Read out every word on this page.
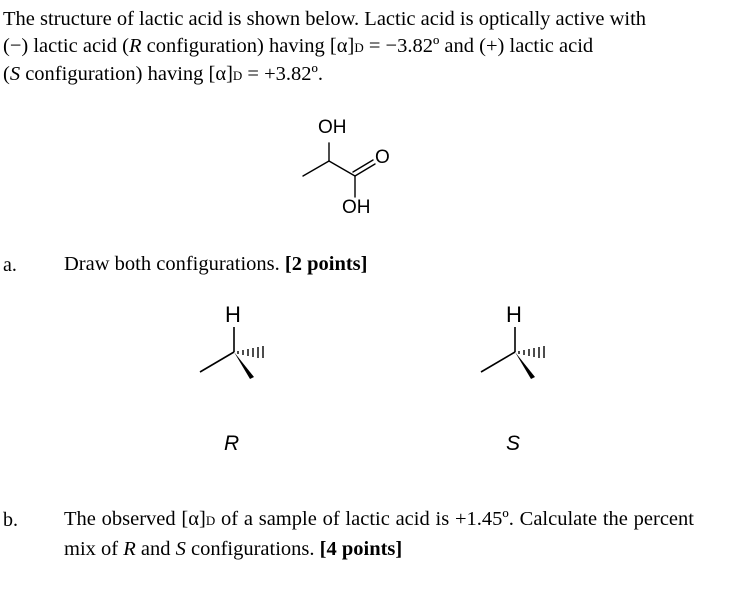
The structure of lactic acid is shown below. Lactic acid is optically active with
(−) lactic acid (R configuration) having [α]D = −3.82º and (+) lactic acid
(S configuration) having [α]D = +3.82º.
OH
O
OH
a. Draw both configurations. [2 points]
H	H
R	S
b. The observed [α]D of a sample of lactic acid is +1.45º. Calculate the percent mix of R and S configurations. [4 points]
